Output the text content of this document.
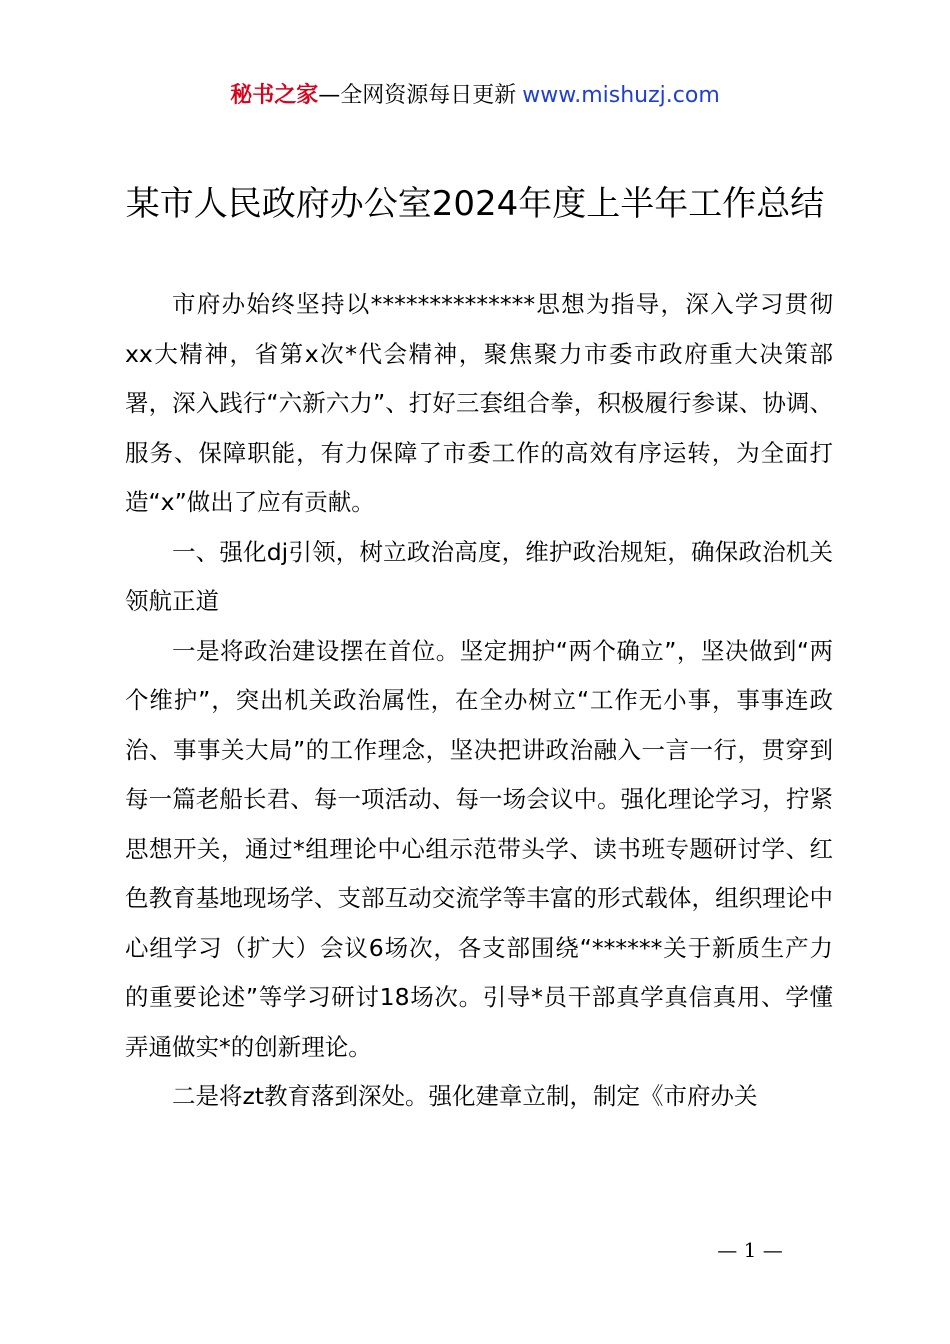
秘书之家—全网资源每日更新 www.mishuzj.com
某市人民政府办公室2024年度上半年工作总结

市府办始终坚持以**************思想为指导，深入学习贯彻xx大精神，省第x次*代会精神，聚焦聚力市委市政府重大决策部署，深入践行“六新六力”、打好三套组合拳，积极履行参谋、协调、服务、保障职能，有力保障了市委工作的高效有序运转，为全面打造“x”做出了应有贡献。

一、强化dj引领，树立政治高度，维护政治规矩，确保政治机关领航正道

一是将政治建设摆在首位。坚定拥护“两个确立”，坚决做到“两个维护”，突出机关政治属性，在全办树立“工作无小事，事事连政治、事事关大局”的工作理念，坚决把讲政治融入一言一行，贯穿到每一篇老船长君、每一项活动、每一场会议中。强化理论学习，拧紧思想开关，通过*组理论中心组示范带头学、读书班专题研讨学、红色教育基地现场学、支部互动交流学等丰富的形式载体，组织理论中心组学习（扩大）会议6场次，各支部围绕“******关于新质生产力的重要论述”等学习研讨18场次。引导*员干部真学真信真用、学懂弄通做实*的创新理论。

二是将zt教育落到深处。强化建章立制，制定《市府办关

— 1 —
